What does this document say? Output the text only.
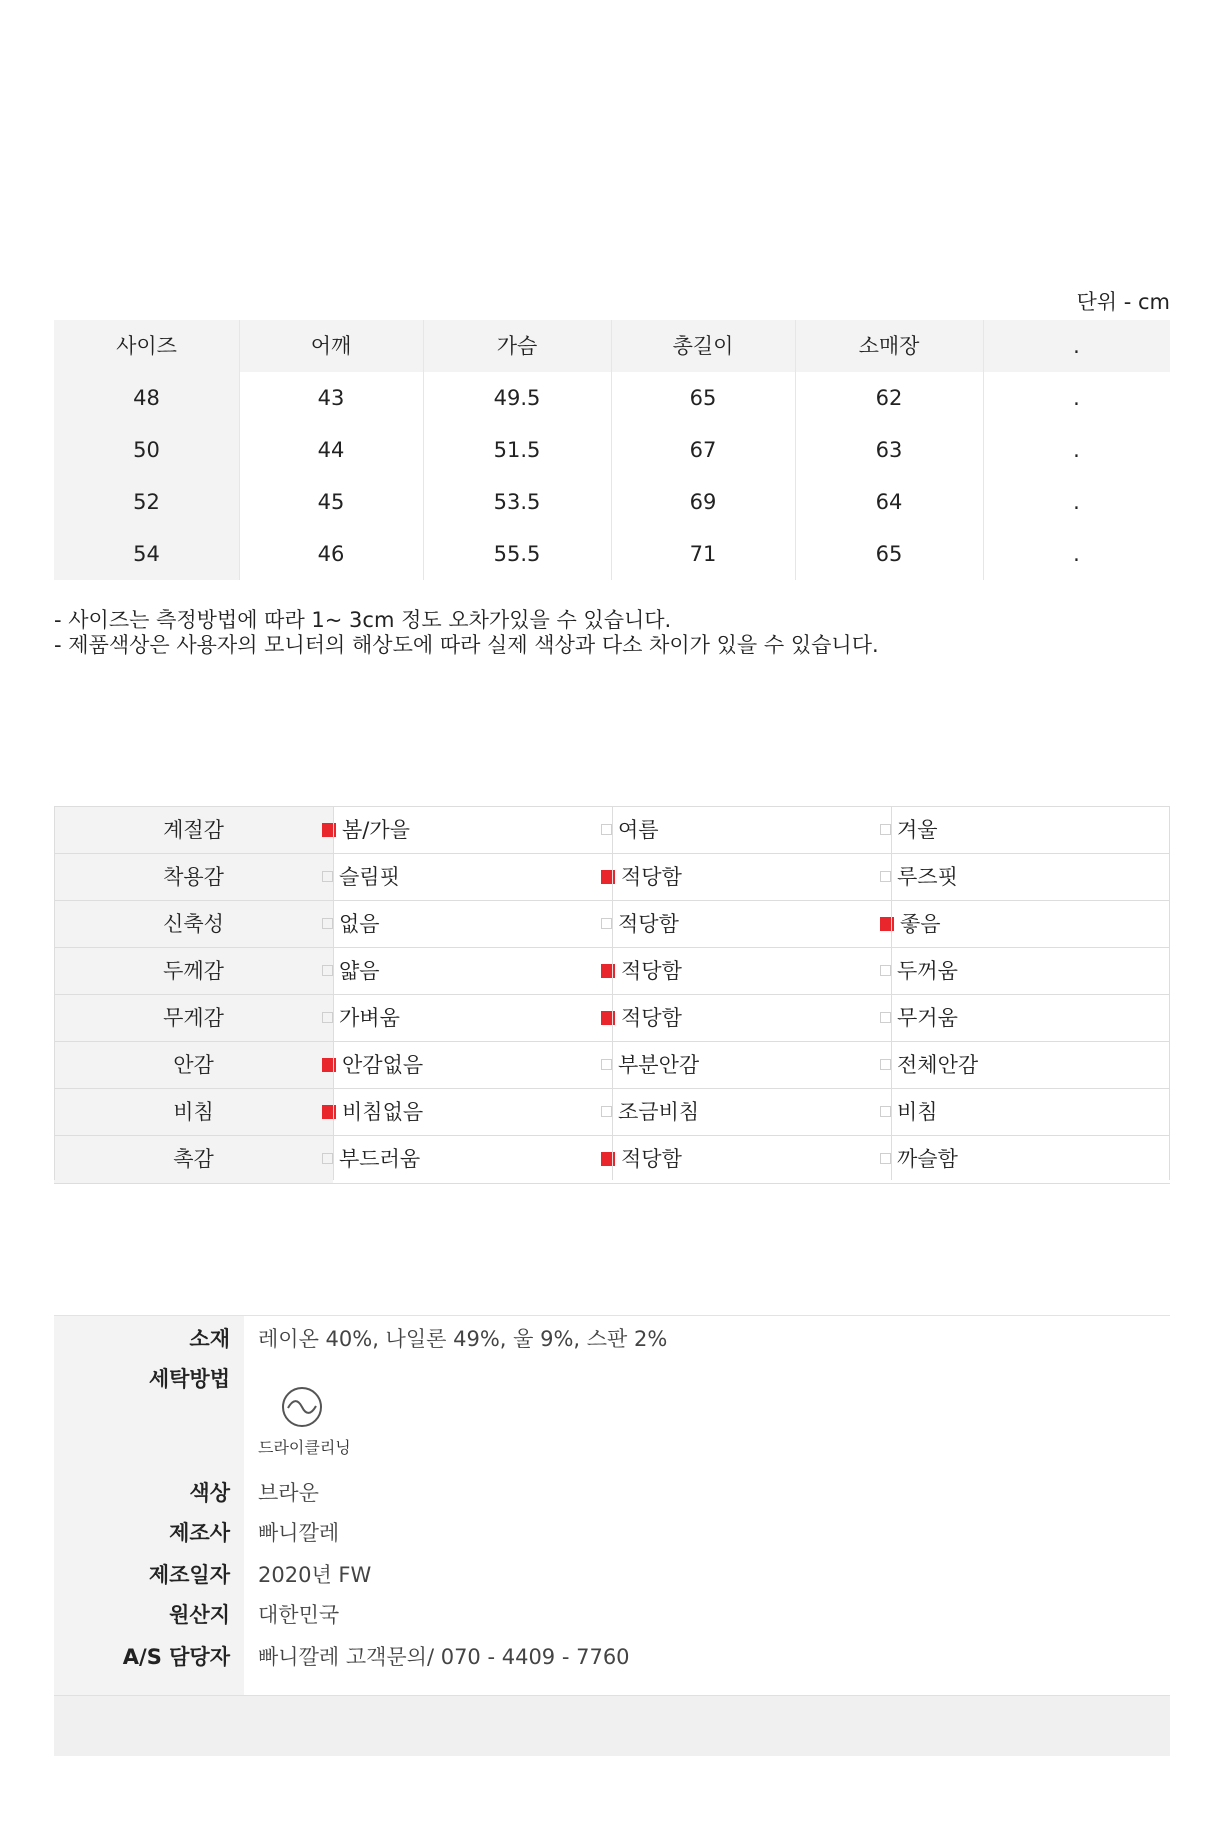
단위 - cm
사이즈	어깨	가슴	총길이	소매장	.
48	43	49.5	65	62	.
50	44	51.5	67	63	.
52	45	53.5	69	64	.
54	46	55.5	71	65	.
- 사이즈는 측정방법에 따라 1~ 3cm 정도 오차가있을 수 있습니다.
- 제품색상은 사용자의 모니터의 해상도에 따라 실제 색상과 다소 차이가 있을 수 있습니다.
계절감	봄/가을	여름	겨울
착용감	슬림핏	적당함	루즈핏
신축성	없음	적당함	좋음
두께감	얇음	적당함	두꺼움
무게감	가벼움	적당함	무거움
안감	안감없음	부분안감	전체안감
비침	비침없음	조금비침	비침
촉감	부드러움	적당함	까슬함
소재 레이온 40%, 나일론 49%, 울 9%, 스판 2%
세탁방법
드라이클리닝
색상 브라운
제조사 빠니깔레
제조일자 2020년 FW
원산지 대한민국
A/S 담당자 빠니깔레 고객문의/ 070 - 4409 - 7760
